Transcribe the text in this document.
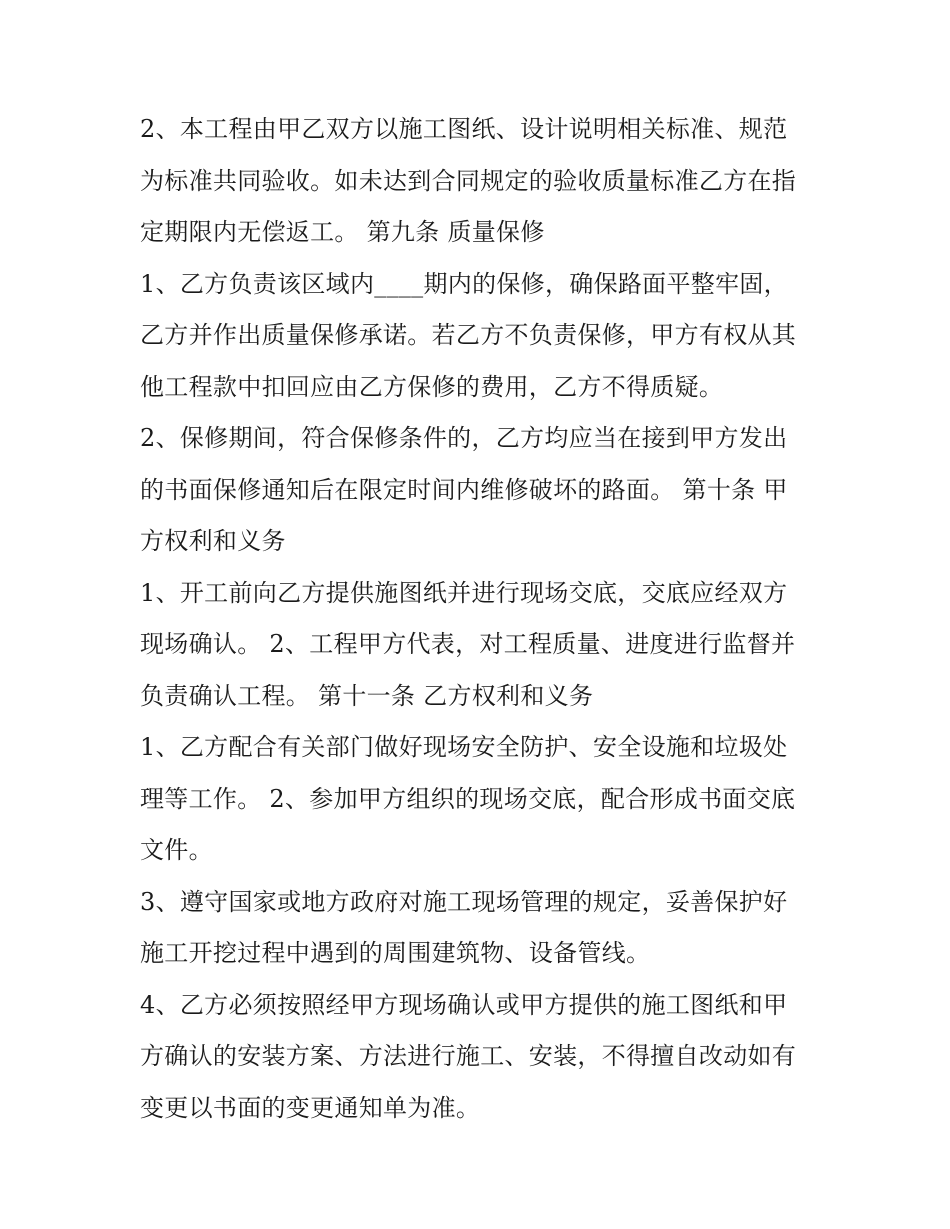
2、本工程由甲乙双方以施工图纸、设计说明相关标准、规范
为标准共同验收。如未达到合同规定的验收质量标准乙方在指
定期限内无偿返工。 第九条 质量保修
1、乙方负责该区域内____期内的保修，确保路面平整牢固，
乙方并作出质量保修承诺。若乙方不负责保修，甲方有权从其
他工程款中扣回应由乙方保修的费用，乙方不得质疑。
2、保修期间，符合保修条件的，乙方均应当在接到甲方发出
的书面保修通知后在限定时间内维修破坏的路面。 第十条 甲
方权利和义务
1、开工前向乙方提供施图纸并进行现场交底，交底应经双方
现场确认。 2、工程甲方代表，对工程质量、进度进行监督并
负责确认工程。 第十一条 乙方权利和义务
1、乙方配合有关部门做好现场安全防护、安全设施和垃圾处
理等工作。 2、参加甲方组织的现场交底，配合形成书面交底
文件。
3、遵守国家或地方政府对施工现场管理的规定，妥善保护好
施工开挖过程中遇到的周围建筑物、设备管线。
4、乙方必须按照经甲方现场确认或甲方提供的施工图纸和甲
方确认的安装方案、方法进行施工、安装，不得擅自改动如有
变更以书面的变更通知单为准。
